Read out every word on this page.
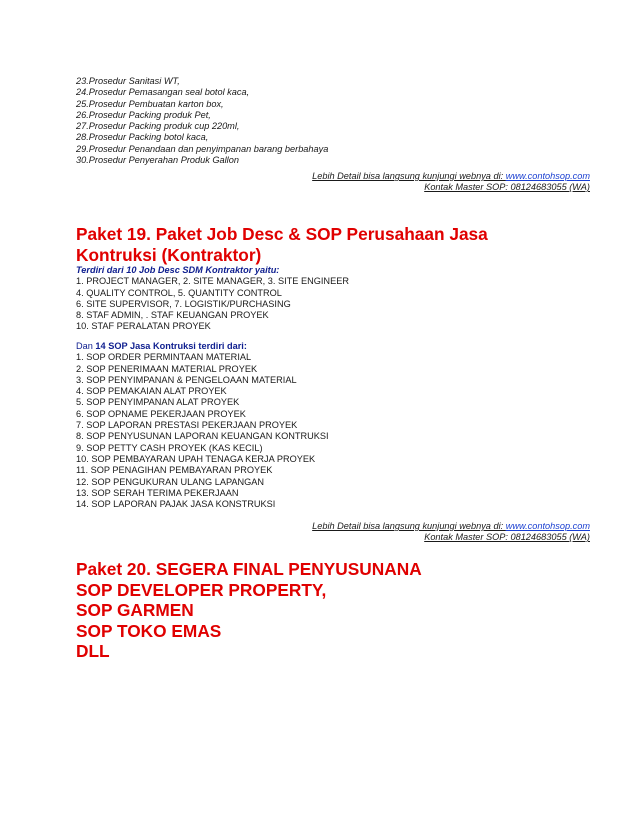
23.Prosedur Sanitasi WT,
24.Prosedur Pemasangan seal botol kaca,
25.Prosedur Pembuatan karton box,
26.Prosedur Packing produk Pet,
27.Prosedur Packing produk cup 220ml,
28.Prosedur Packing botol kaca,
29.Prosedur Penandaan dan penyimpanan barang berbahaya
30.Prosedur Penyerahan Produk Gallon
Lebih Detail bisa langsung kunjungi webnya di: www.contohsop.com
Kontak Master SOP: 08124683055 (WA)
Paket 19. Paket Job Desc & SOP Perusahaan Jasa Kontruksi (Kontraktor)
Terdiri dari 10 Job Desc SDM Kontraktor yaitu:
1. PROJECT MANAGER, 2. SITE MANAGER, 3. SITE ENGINEER
4. QUALITY CONTROL, 5. QUANTITY CONTROL
6. SITE SUPERVISOR, 7. LOGISTIK/PURCHASING
8. STAF ADMIN, . STAF KEUANGAN PROYEK
10. STAF PERALATAN PROYEK
Dan 14 SOP Jasa Kontruksi terdiri dari:
1. SOP ORDER PERMINTAAN MATERIAL
2. SOP PENERIMAAN MATERIAL PROYEK
3. SOP PENYIMPANAN & PENGELOAAN MATERIAL
4. SOP PEMAKAIAN ALAT PROYEK
5. SOP PENYIMPANAN ALAT PROYEK
6. SOP OPNAME PEKERJAAN PROYEK
7. SOP LAPORAN PRESTASI PEKERJAAN PROYEK
8. SOP PENYUSUNAN LAPORAN KEUANGAN KONTRUKSI
9. SOP PETTY CASH PROYEK (KAS KECIL)
10. SOP PEMBAYARAN UPAH TENAGA KERJA PROYEK
11. SOP PENAGIHAN PEMBAYARAN PROYEK
12. SOP PENGUKURAN ULANG LAPANGAN
13. SOP SERAH TERIMA PEKERJAAN
14. SOP LAPORAN PAJAK JASA KONSTRUKSI
Lebih Detail bisa langsung kunjungi webnya di: www.contohsop.com
Kontak Master SOP: 08124683055 (WA)
Paket 20. SEGERA FINAL PENYUSUNANA
SOP DEVELOPER PROPERTY,
SOP GARMEN
SOP TOKO EMAS
DLL
